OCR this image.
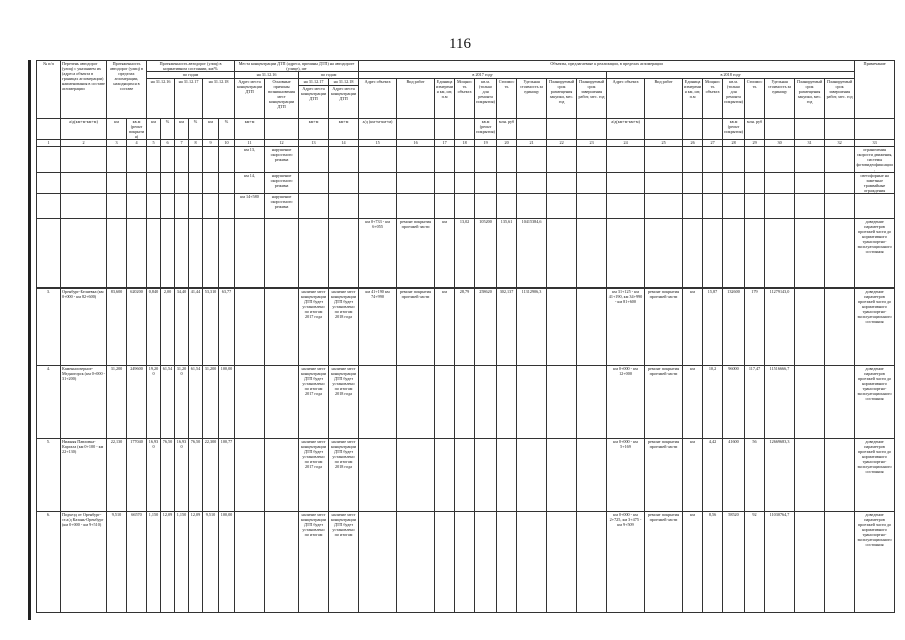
116
№ п/п	Перечень автодорог (улиц) с указанием их (адреса объекта в границах агломерации) наименования в составе агломерации	Протяженность автодорог (улиц) в пределах агломерации, находящихся в составе		Протяженность автодорог (улиц) в нормативном состоянии, км/%						Места концентрации ДТП (адреса, причины ДТП) на автодороге (улице), шт				Объекты, предлагаемые к реализации, в пределах агломерации																		Примечание
				по годам						на 31.12.16		по годам		в 2017 году									в 2018 году									
				на 31.12.16		на 31.12.17		на 31.12.18		Адрес места концентрации ДТП	Основные причины возникновения мест концентрации ДТП	на 31.12.17	на 31.12.18	Адрес объекта	Вид работ	Единица измерения км, шт, п.м	Мощность объекта	кв.м. (только для ремонта покрытия)	Стоимость	Удельная стоимость за единицу	Планируемый срок размещения закупки, мес. год	Планируемый срок завершения работ, мес. год	Адрес объекта	Вид работ	Единица измерения км, шт, п.м	Мощность объекта	кв.м. (только для ремонта покрытия)	Стоимость	Удельная стоимость за единицу	Планируемый срок размещения закупки, мес. год	Планируемый срок завершения работ, мес. год	
												Адрес места концентрации ДТП	Адрес места концентрации ДТП																			
	а/д(км+м-км+м)	км	кв.м (реонт покрытия)	км	%	км	%	км	%	км+м		км+м	км+м	а/д (км+м-км+м)				кв.м (реонт покрытия)	млн. руб				а/д(км+м-км+м)				кв.м (реонт покрытия)	млн. руб				
1	2	3	4	5	6	7	8	9	10	11	12	13	14	15	16	17	18	19	20	21	22	23	24	25	26	27	28	29	30	31	32	33
										км 13,	нарушение скоростного режима																					ограничения скорости движения, системы фотовидеофиксации,
										км 14,	нарушение скоростного режима																					светофорные на заметные трамвайные ограждения
										км 14+580	нарушение скоростного режима																					
														км 0+733 - км 6+055	ремонт покрытия проезжей части	км	13,02	105200	135,61	10415384,6												доведение параметров проезжей части до нормативного транспортно-эксплуатационного состояния
3.	Оренбург-Беляевка (км 0+000 - км 82+600)	83,600	620200	0,840	2,00	34,40	41,44	53,310	63,77			наличие мест концентрации ДТП будет установлено по итогам 2017 года	наличие мест концентрации ДТП будет установлено по итогам 2018 года	км 41+190 км 74+990	ремонт покрытия проезжей части	км	28,79	258620	302,137	11312906,3			км 31+125 - км 41+190, км 34+990 - км 81+600	ремонт покрытия проезжей части	км	15,87	132600	179	11279143,0			доведение параметров проезжей части до нормативного транспортно-эксплуатационного состояния
4.	Каменноозерное-Медногорск (км 0+000 - 31+200)	31,200	249600	19,200	61,54	31,200	61,54	31,200	100,00			наличие мест концентрации ДТП будет установлено по итогам 2017 года	наличие мест концентрации ДТП будет установлено по итогам 2018 года										км 0+000 - км 12+000	ремонт покрытия проезжей части	км	10,2	96000	117,47	11516666,7			доведение параметров проезжей части до нормативного транспортно-эксплуатационного состояния
5.	Нижняя Павловка-Каргала (км 0+100 - км 22+130)	22,130	177040	16,930	76,50	16,930	76,50	22,300	100,77			наличие мест концентрации ДТП будет установлено по итогам 2017 года	наличие мест концентрации ДТП будет установлено по итогам 2018 года										км 0+000 - км 5+169	ремонт покрытия проезжей части	км	4,42	41600	56	12669683,3			доведение параметров проезжей части до нормативного транспортно-эксплуатационного состояния
6.	Подъезд от Оренбург-ст.а/д Казань-Оренбург (км 0+000 - км 9+510)	9,510	66570	1,150	12,09	1,150	12,09	9,510	100,00			наличие мест концентрации ДТП будет установлено по итогам	наличие мест концентрации ДТП будет установлено по итогам										км 0+000 - км 2+725, км 3+475 - км 9+509	ремонт покрытия проезжей части	км	8,56	58520	92	11030764,7			доведение параметров проезжей части до нормативного транспортно-эксплуатационного состояния
